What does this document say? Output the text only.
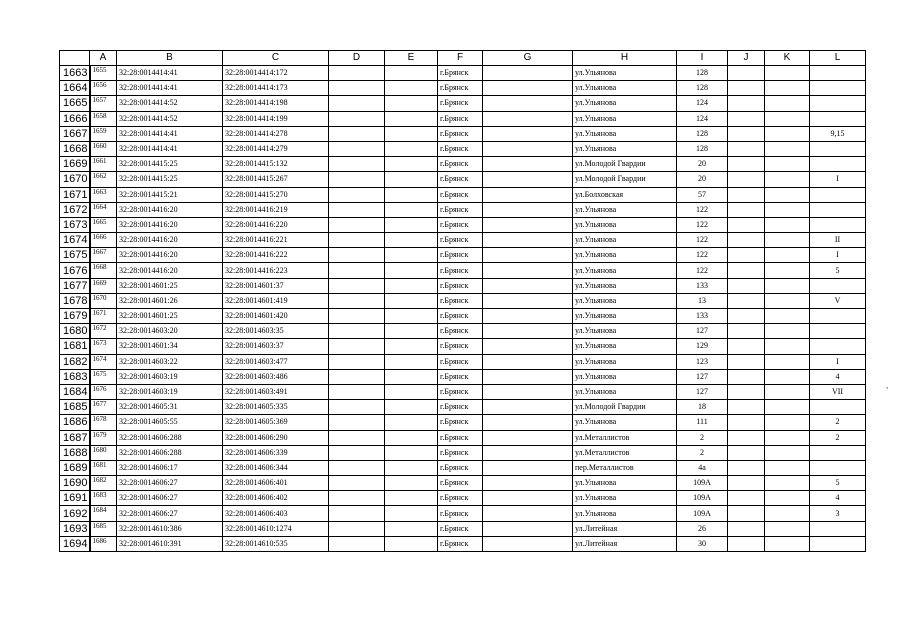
	A	B	C	D	E	F	G	H	I	J	K	L
1663	1655	32:28:0014414:41	32:28:0014414:172			г.Брянск		ул.Ульянова	128			
1664	1656	32:28:0014414:41	32:28:0014414:173			г.Брянск		ул.Ульянова	128			
1665	1657	32:28:0014414:52	32:28:0014414:198			г.Брянск		ул.Ульянова	124			
1666	1658	32:28:0014414:52	32:28:0014414:199			г.Брянск		ул.Ульянова	124			
1667	1659	32:28:0014414:41	32:28:0014414:278			г.Брянск		ул.Ульянова	128			9,15
1668	1660	32:28:0014414:41	32:28:0014414:279			г.Брянск		ул.Ульянова	128			
1669	1661	32:28:0014415:25	32:28:0014415:132			г.Брянск		ул.Молодой Гвардии	20			
1670	1662	32:28:0014415:25	32:28:0014415:267			г.Брянск		ул.Молодой Гвардии	20			I
1671	1663	32:28:0014415:21	32:28:0014415:270			г.Брянск		ул.Болховская	57			
1672	1664	32:28:0014416:20	32:28:0014416:219			г.Брянск		ул.Ульянова	122			
1673	1665	32:28:0014416:20	32:28:0014416:220			г.Брянск		ул.Ульянова	122			
1674	1666	32:28:0014416:20	32:28:0014416:221			г.Брянск		ул.Ульянова	122			II
1675	1667	32:28:0014416:20	32:28:0014416:222			г.Брянск		ул.Ульянова	122			I
1676	1668	32:28:0014416:20	32:28:0014416:223			г.Брянск		ул.Ульянова	122			5
1677	1669	32:28:0014601:25	32:28:0014601:37			г.Брянск		ул.Ульянова	133			
1678	1670	32:28:0014601:26	32:28:0014601:419			г.Брянск		ул.Ульянова	13			V
1679	1671	32:28:0014601:25	32:28:0014601:420			г.Брянск		ул.Ульянова	133			
1680	1672	32:28:0014603:20	32:28:0014603:35			г.Брянск		ул.Ульянова	127			
1681	1673	32:28:0014601:34	32:28:0014603:37			г.Брянск		ул.Ульянова	129			
1682	1674	32:28:0014603:22	32:28:0014603:477			г.Брянск		ул.Ульянова	123			I
1683	1675	32:28:0014603:19	32:28:0014603:486			г.Брянск		ул.Ульянова	127			4
1684	1676	32:28:0014603:19	32:28:0014603:491			г.Брянск		ул.Ульянова	127			VII
1685	1677	32:28:0014605:31	32:28:0014605:335			г.Брянск		ул.Молодой Гвардии	18			
1686	1678	32:28:0014605:55	32:28:0014605:369			г.Брянск		ул.Ульянова	111			2
1687	1679	32:28:0014606:288	32:28:0014606:290			г.Брянск		ул.Металлистов	2			2
1688	1680	32:28:0014606:288	32:28:0014606:339			г.Брянск		ул.Металлистов	2			
1689	1681	32:28:0014606:17	32:28:0014606:344			г.Брянск		пер.Металлистов	4а			
1690	1682	32:28:0014606:27	32:28:0014606:401			г.Брянск		ул.Ульянова	109А			5
1691	1683	32:28:0014606:27	32:28:0014606:402			г.Брянск		ул.Ульянова	109А			4
1692	1684	32:28:0014606:27	32:28:0014606:403			г.Брянск		ул.Ульянова	109А			3
1693	1685	32:28:0014610:386	32:28:0014610:1274			г.Брянск		ул.Литейная	26			
1694	1686	32:28:0014610:391	32:28:0014610:535			г.Брянск		ул.Литейная	30			
,
